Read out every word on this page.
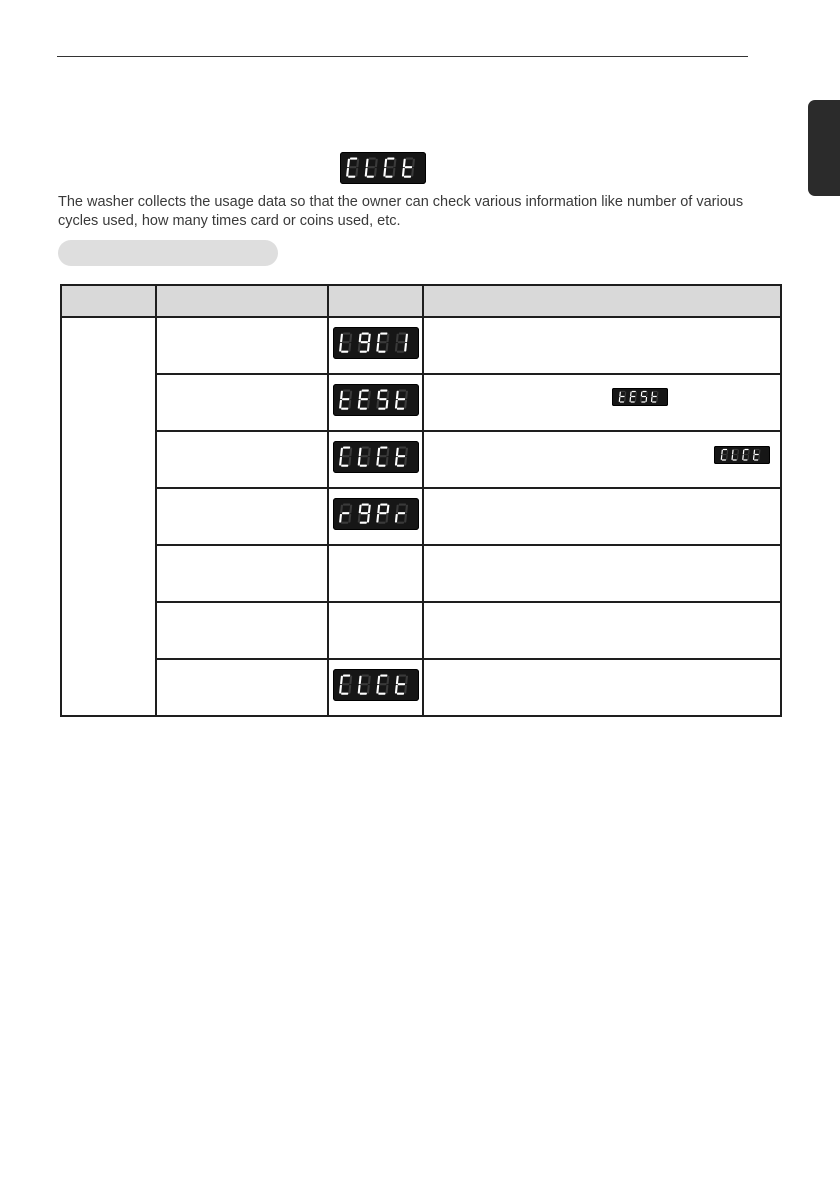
The washer collects the usage data so that the owner can check various information like number of various cycles used, how many times card or coins used, etc.
